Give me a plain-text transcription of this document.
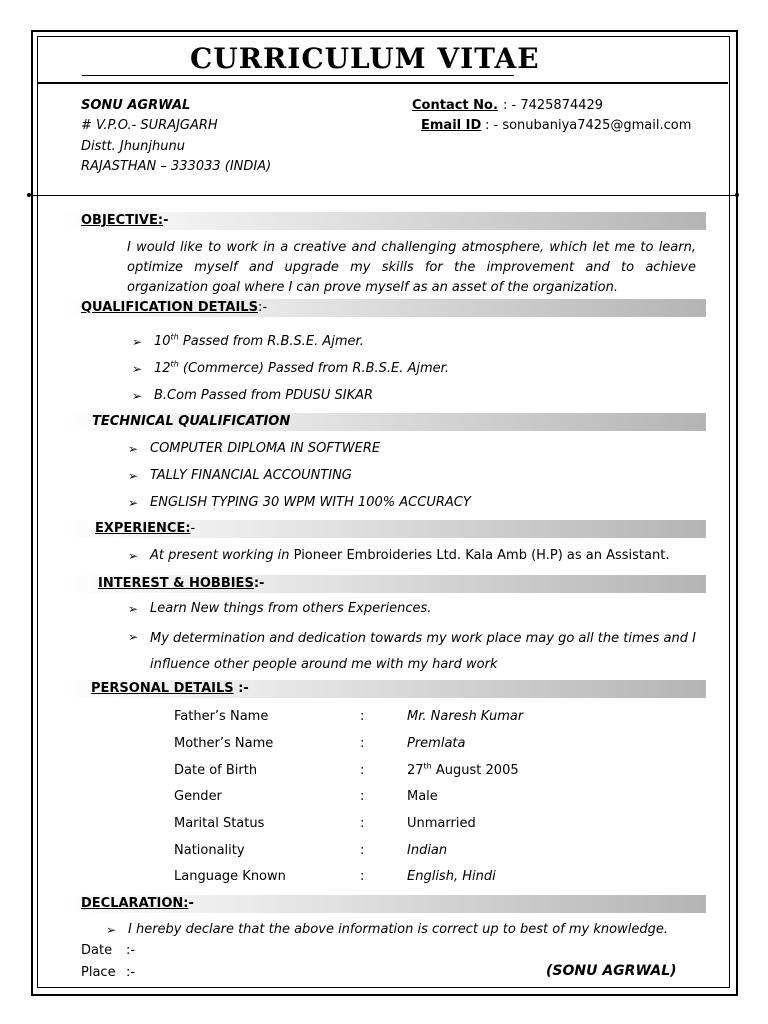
CURRICULUM VITAE
SONU AGRWAL
# V.P.O.- SURAJGARH
Distt. Jhunjhunu
RAJASTHAN – 333033 (INDIA)
Contact No. : - 7425874429
Email ID : - sonubaniya7425@gmail.com
OBJECTIVE:-
I would like to work in a creative and challenging atmosphere, which let me to learn, optimize myself and upgrade my skills for the improvement and to achieve organization goal where I can prove myself as an asset of the organization.
QUALIFICATION DETAILS:-
➢ 10th Passed from R.B.S.E. Ajmer.
➢ 12th (Commerce) Passed from R.B.S.E. Ajmer.
➢ B.Com Passed from PDUSU SIKAR
TECHNICAL QUALIFICATION
➢ COMPUTER DIPLOMA IN SOFTWERE
➢ TALLY FINANCIAL ACCOUNTING
➢ ENGLISH TYPING 30 WPM WITH 100% ACCURACY
EXPERIENCE:-
➢ At present working in Pioneer Embroideries Ltd. Kala Amb (H.P) as an Assistant.
INTEREST & HOBBIES:-
➢ Learn New things from others Experiences.
➢ My determination and dedication towards my work place may go all the times and I influence other people around me with my hard work
PERSONAL DETAILS :-
Father’s Name	:	Mr. Naresh Kumar
Mother’s Name	:	Premlata
Date of Birth	:	27th August 2005
Gender	:	Male
Marital Status	:	Unmarried
Nationality	:	Indian
Language Known	:	English, Hindi
DECLARATION:-
➢ I hereby declare that the above information is correct up to best of my knowledge.
Date :-
Place :-	(SONU AGRWAL)
